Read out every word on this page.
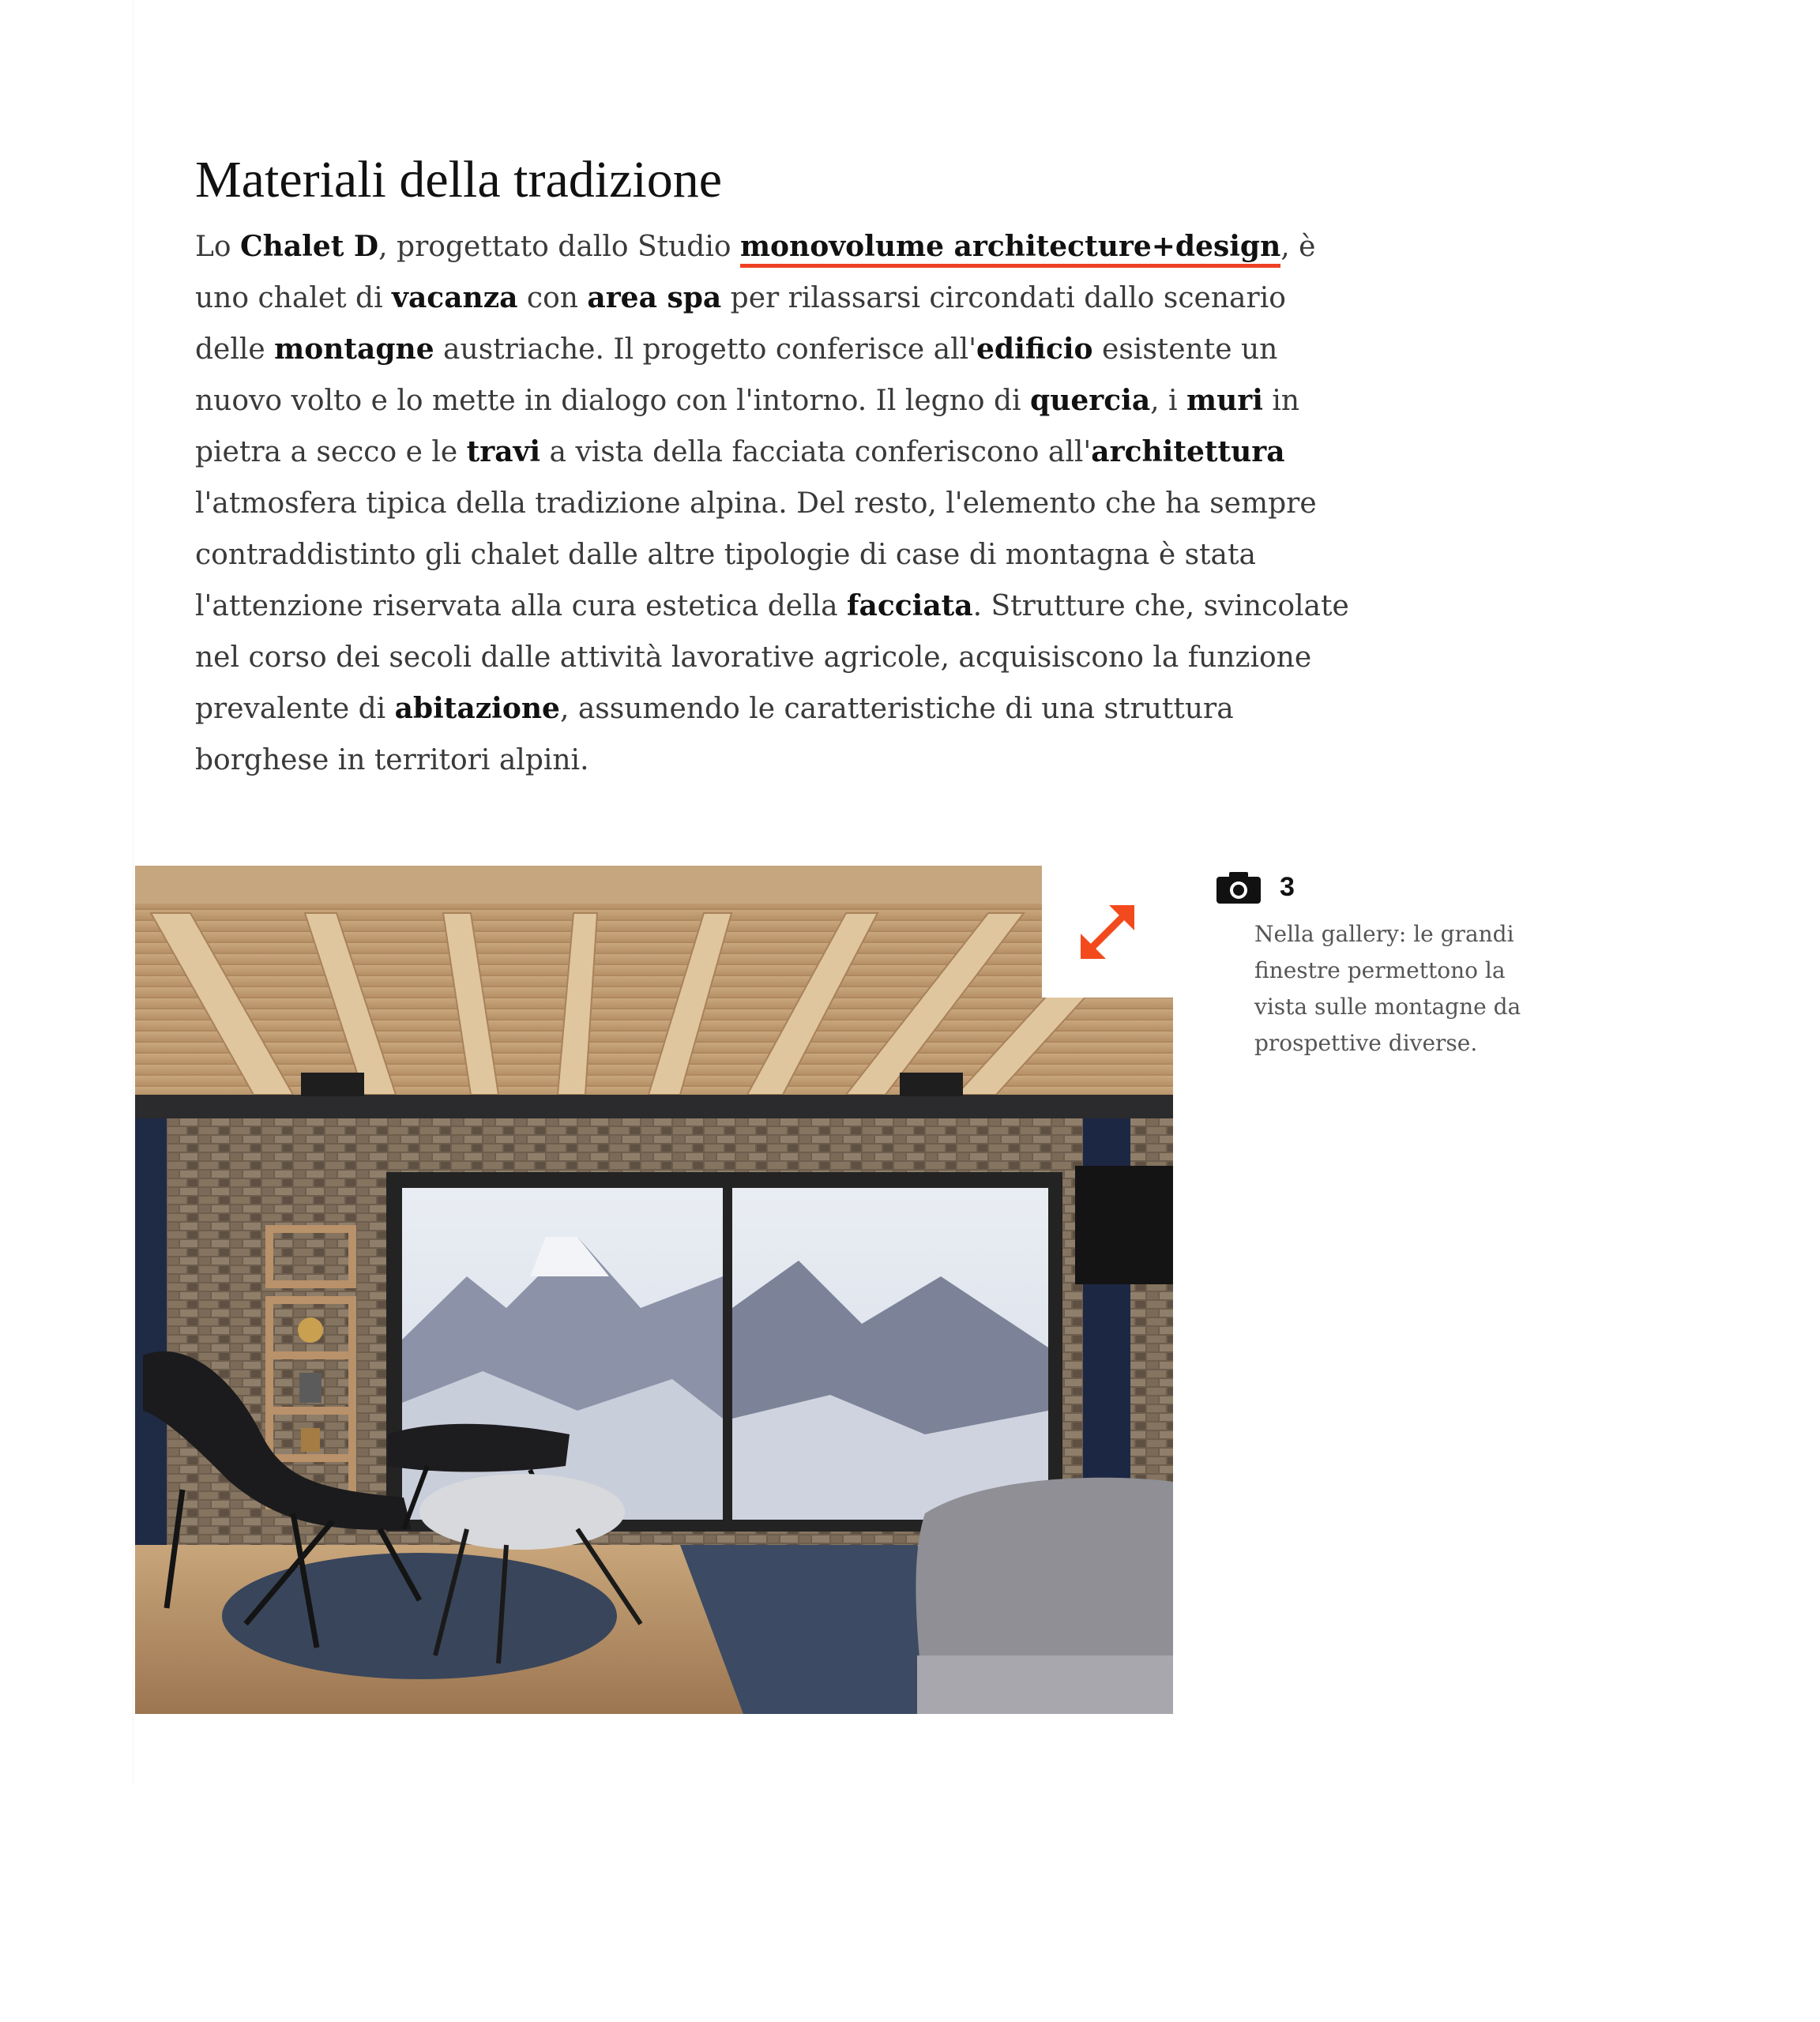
Materiali della tradizione

Lo Chalet D, progettato dallo Studio monovolume architecture+design, è uno chalet di vacanza con area spa per rilassarsi circondati dallo scenario delle montagne austriache. Il progetto conferisce all'edificio esistente un nuovo volto e lo mette in dialogo con l'intorno. Il legno di quercia, i muri in pietra a secco e le travi a vista della facciata conferiscono all'architettura l'atmosfera tipica della tradizione alpina. Del resto, l'elemento che ha sempre contraddistinto gli chalet dalle altre tipologie di case di montagna è stata l'attenzione riservata alla cura estetica della facciata. Strutture che, svincolate nel corso dei secoli dalle attività lavorative agricole, acquisiscono la funzione prevalente di abitazione, assumendo le caratteristiche di una struttura borghese in territori alpini.

3
Nella gallery: le grandi finestre permettono la vista sulle montagne da prospettive diverse.
